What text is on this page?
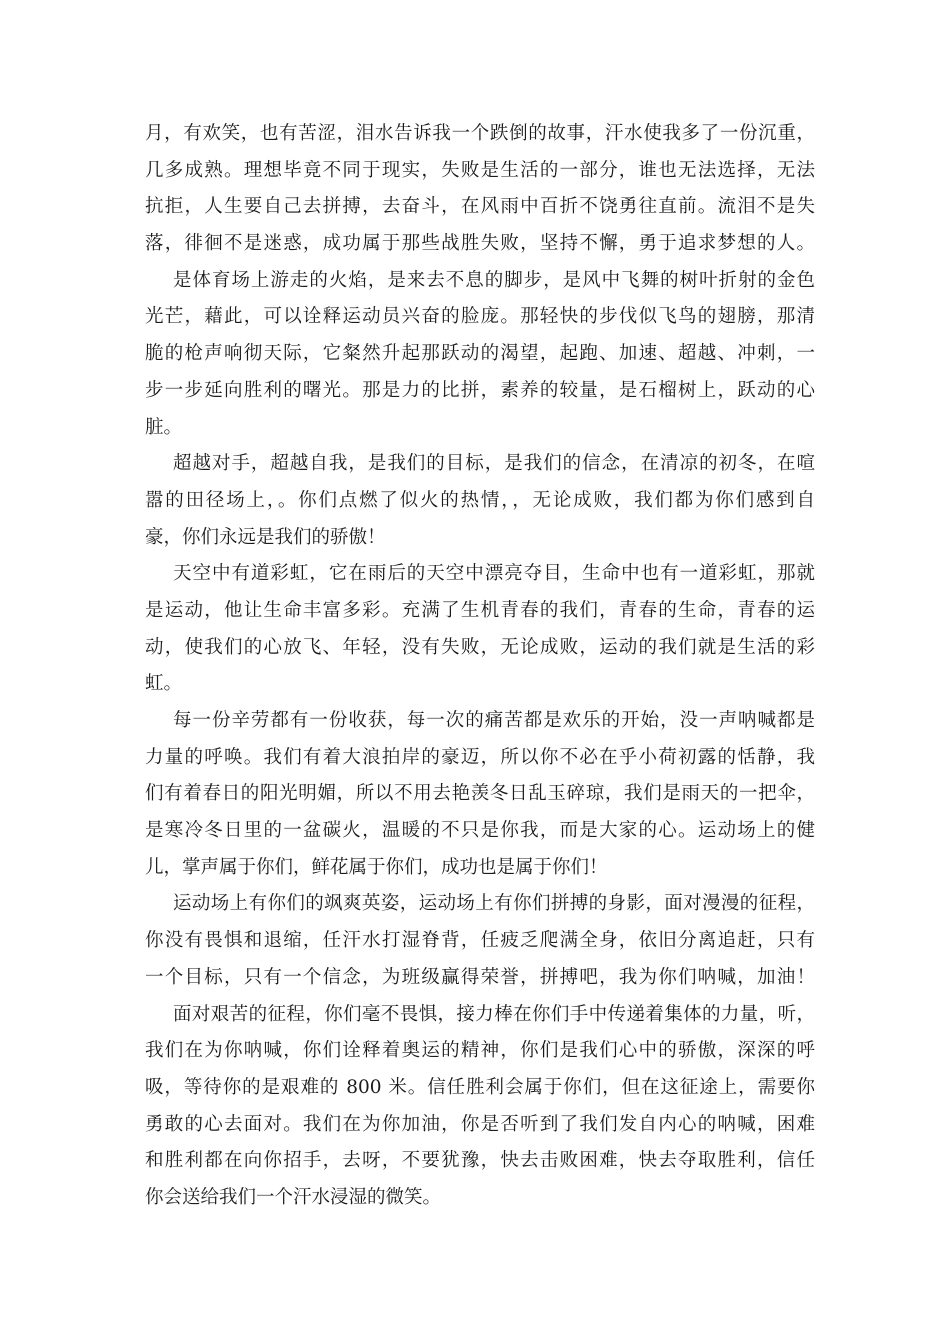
月，有欢笑，也有苦涩，泪水告诉我一个跌倒的故事，汗水使我多了一份沉重，
几多成熟。理想毕竟不同于现实，失败是生活的一部分，谁也无法选择，无法
抗拒，人生要自己去拼搏，去奋斗，在风雨中百折不饶勇往直前。流泪不是失
落，徘徊不是迷惑，成功属于那些战胜失败，坚持不懈，勇于追求梦想的人。
是体育场上游走的火焰，是来去不息的脚步，是风中飞舞的树叶折射的金色
光芒，藉此，可以诠释运动员兴奋的脸庞。那轻快的步伐似飞鸟的翅膀，那清
脆的枪声响彻天际，它粲然升起那跃动的渴望，起跑、加速、超越、冲刺，一
步一步延向胜利的曙光。那是力的比拼，素养的较量，是石榴树上，跃动的心
脏。
超越对手，超越自我，是我们的目标，是我们的信念，在清凉的初冬，在喧
嚣的田径场上，。你们点燃了似火的热情，，无论成败，我们都为你们感到自
豪，你们永远是我们的骄傲！
天空中有道彩虹，它在雨后的天空中漂亮夺目，生命中也有一道彩虹，那就
是运动，他让生命丰富多彩。充满了生机青春的我们，青春的生命，青春的运
动，使我们的心放飞、年轻，没有失败，无论成败，运动的我们就是生活的彩
虹。
每一份辛劳都有一份收获，每一次的痛苦都是欢乐的开始，没一声呐喊都是
力量的呼唤。我们有着大浪拍岸的豪迈，所以你不必在乎小荷初露的恬静，我
们有着春日的阳光明媚，所以不用去艳羡冬日乱玉碎琼，我们是雨天的一把伞，
是寒冷冬日里的一盆碳火，温暖的不只是你我，而是大家的心。运动场上的健
儿，掌声属于你们，鲜花属于你们，成功也是属于你们！
运动场上有你们的飒爽英姿，运动场上有你们拼搏的身影，面对漫漫的征程，
你没有畏惧和退缩，任汗水打湿脊背，任疲乏爬满全身，依旧分离追赶，只有
一个目标，只有一个信念，为班级赢得荣誉，拼搏吧，我为你们呐喊，加油！
面对艰苦的征程，你们毫不畏惧，接力棒在你们手中传递着集体的力量，听，
我们在为你呐喊，你们诠释着奥运的精神，你们是我们心中的骄傲，深深的呼
吸，等待你的是艰难的 800 米。信任胜利会属于你们，但在这征途上，需要你
勇敢的心去面对。我们在为你加油，你是否听到了我们发自内心的呐喊，困难
和胜利都在向你招手，去呀，不要犹豫，快去击败困难，快去夺取胜利，信任
你会送给我们一个汗水浸湿的微笑。
